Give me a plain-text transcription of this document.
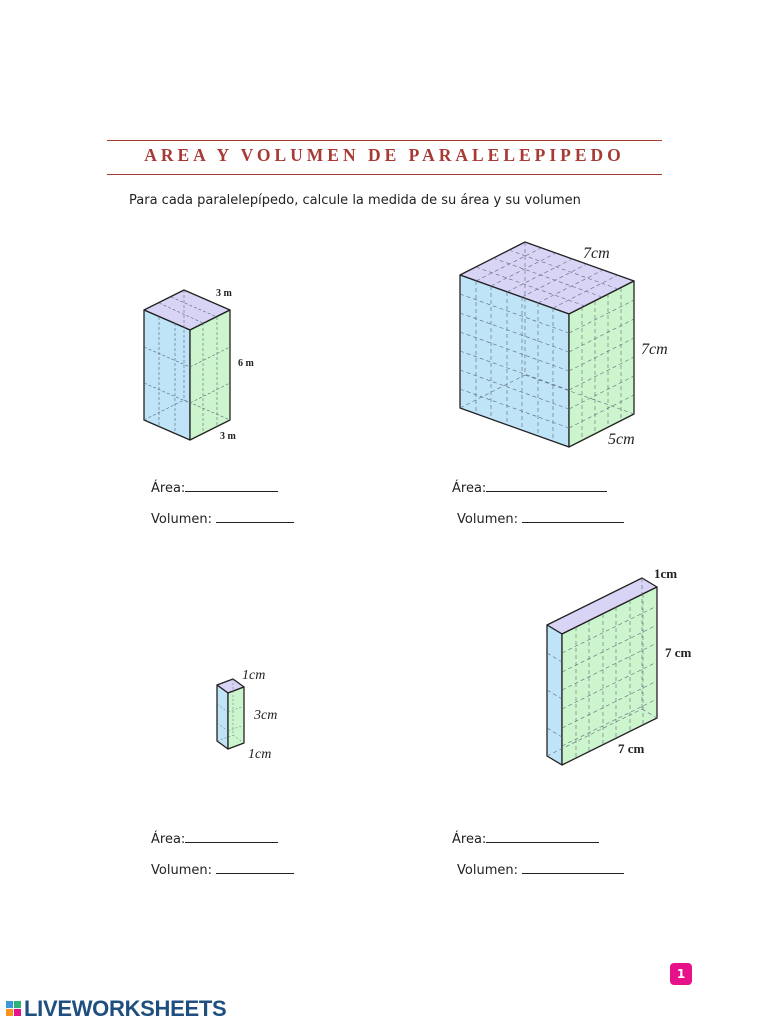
AREA Y VOLUMEN DE PARALELEPIPEDO
Para cada paralelepípedo, calcule la medida de su área y su volumen
3 m
6 m
3 m
7cm
7cm
5cm
Área:
Volumen:
Área:
Volumen:
1cm
3cm
1cm
1cm
7 cm
7 cm
Área:
Volumen:
Área:
Volumen:
1
LIVEWORKSHEETS
